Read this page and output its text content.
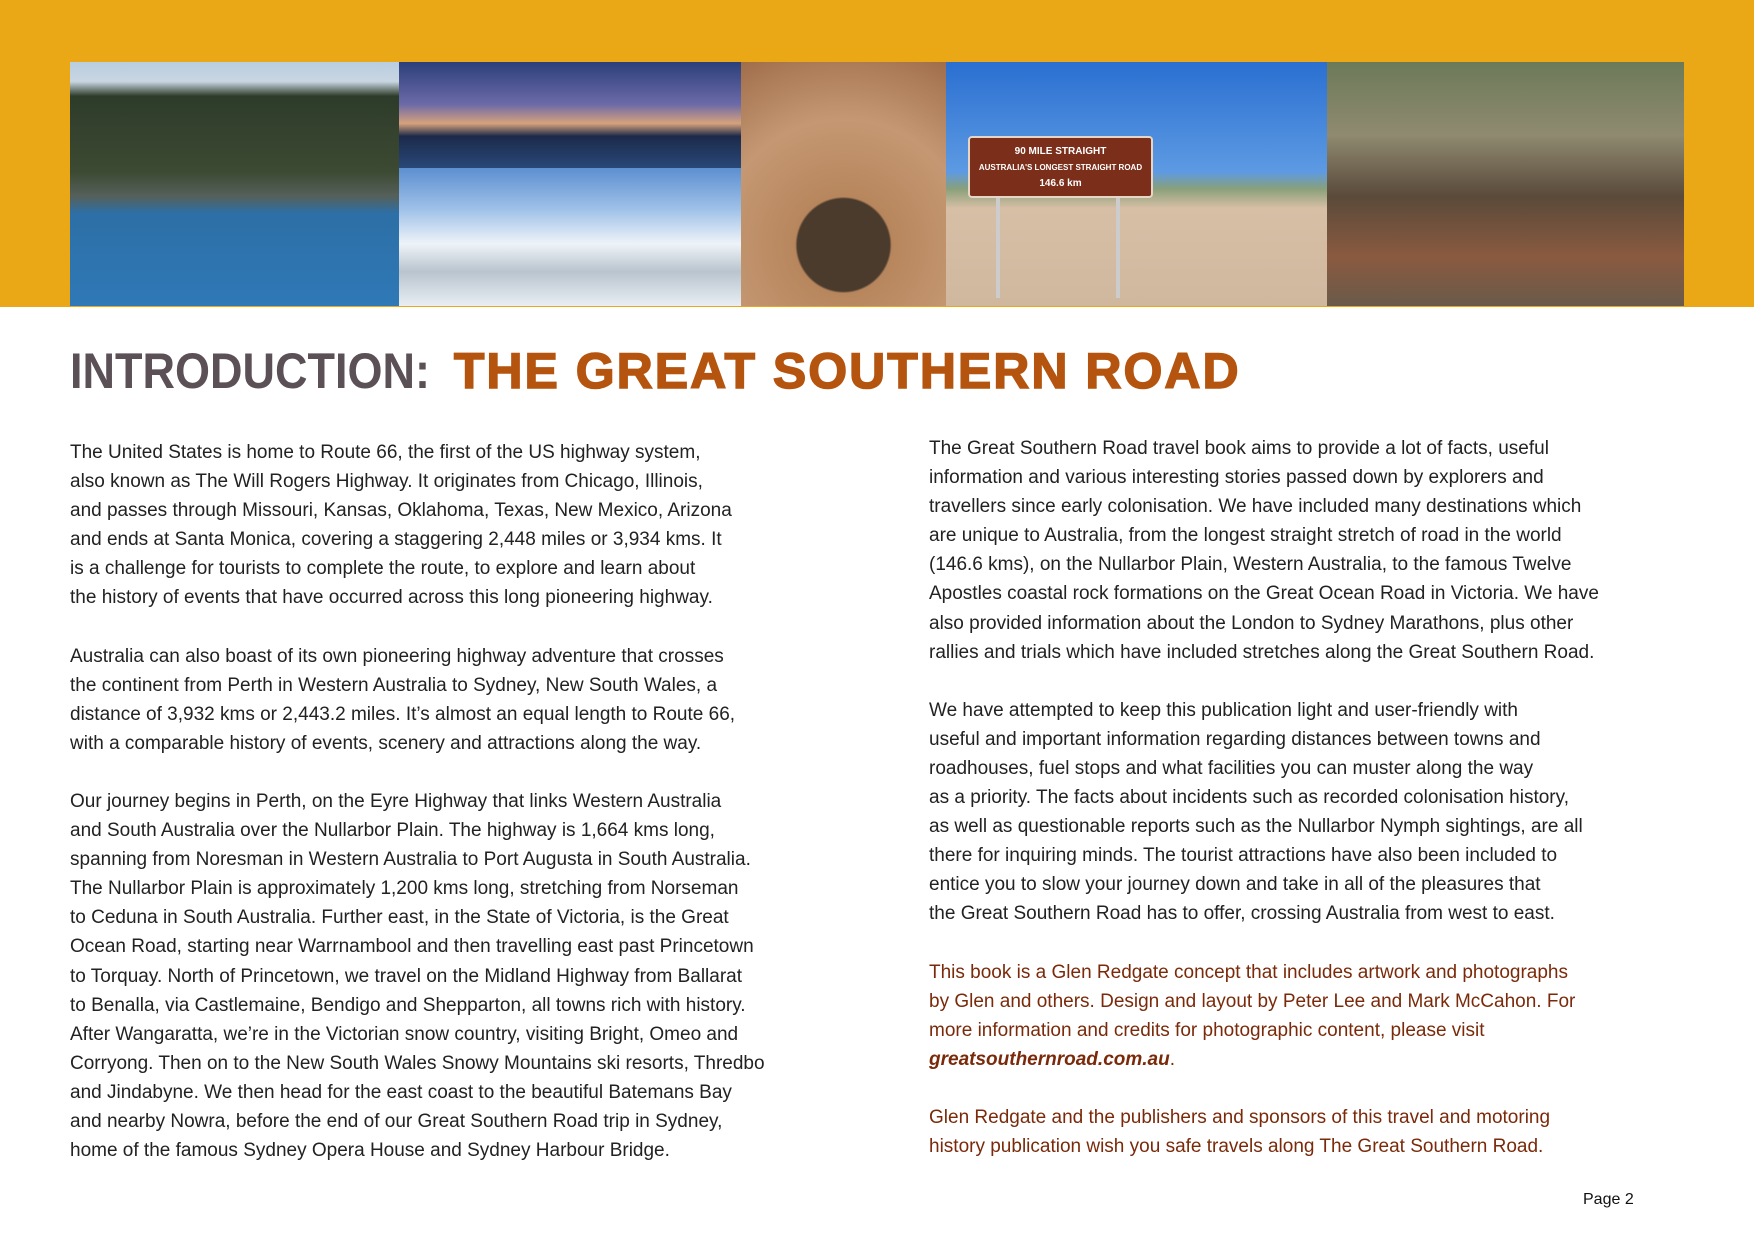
90 MILE STRAIGHT
AUSTRALIA'S LONGEST STRAIGHT ROAD
146.6 km
INTRODUCTION: THE GREAT SOUTHERN ROAD
The United States is home to Route 66, the first of the US highway system,
also known as The Will Rogers Highway. It originates from Chicago, Illinois,
and passes through Missouri, Kansas, Oklahoma, Texas, New Mexico, Arizona
and ends at Santa Monica, covering a staggering 2,448 miles or 3,934 kms. It
is a challenge for tourists to complete the route, to explore and learn about
the history of events that have occurred across this long pioneering highway.
Australia can also boast of its own pioneering highway adventure that crosses
the continent from Perth in Western Australia to Sydney, New South Wales, a
distance of 3,932 kms or 2,443.2 miles. It’s almost an equal length to Route 66,
with a comparable history of events, scenery and attractions along the way.
Our journey begins in Perth, on the Eyre Highway that links Western Australia
and South Australia over the Nullarbor Plain. The highway is 1,664 kms long,
spanning from Noresman in Western Australia to Port Augusta in South Australia.
The Nullarbor Plain is approximately 1,200 kms long, stretching from Norseman
to Ceduna in South Australia. Further east, in the State of Victoria, is the Great
Ocean Road, starting near Warrnambool and then travelling east past Princetown
to Torquay. North of Princetown, we travel on the Midland Highway from Ballarat
to Benalla, via Castlemaine, Bendigo and Shepparton, all towns rich with history.
After Wangaratta, we’re in the Victorian snow country, visiting Bright, Omeo and
Corryong. Then on to the New South Wales Snowy Mountains ski resorts, Thredbo
and Jindabyne. We then head for the east coast to the beautiful Batemans Bay
and nearby Nowra, before the end of our Great Southern Road trip in Sydney,
home of the famous Sydney Opera House and Sydney Harbour Bridge.
The Great Southern Road travel book aims to provide a lot of facts, useful
information and various interesting stories passed down by explorers and
travellers since early colonisation. We have included many destinations which
are unique to Australia, from the longest straight stretch of road in the world
(146.6 kms), on the Nullarbor Plain, Western Australia, to the famous Twelve
Apostles coastal rock formations on the Great Ocean Road in Victoria. We have
also provided information about the London to Sydney Marathons, plus other
rallies and trials which have included stretches along the Great Southern Road.
We have attempted to keep this publication light and user-friendly with
useful and important information regarding distances between towns and
roadhouses, fuel stops and what facilities you can muster along the way
as a priority. The facts about incidents such as recorded colonisation history,
as well as questionable reports such as the Nullarbor Nymph sightings, are all
there for inquiring minds. The tourist attractions have also been included to
entice you to slow your journey down and take in all of the pleasures that
the Great Southern Road has to offer, crossing Australia from west to east.
This book is a Glen Redgate concept that includes artwork and photographs
by Glen and others. Design and layout by Peter Lee and Mark McCahon. For
more information and credits for photographic content, please visit
greatsouthernroad.com.au.
Glen Redgate and the publishers and sponsors of this travel and motoring
history publication wish you safe travels along The Great Southern Road.
Page 2
